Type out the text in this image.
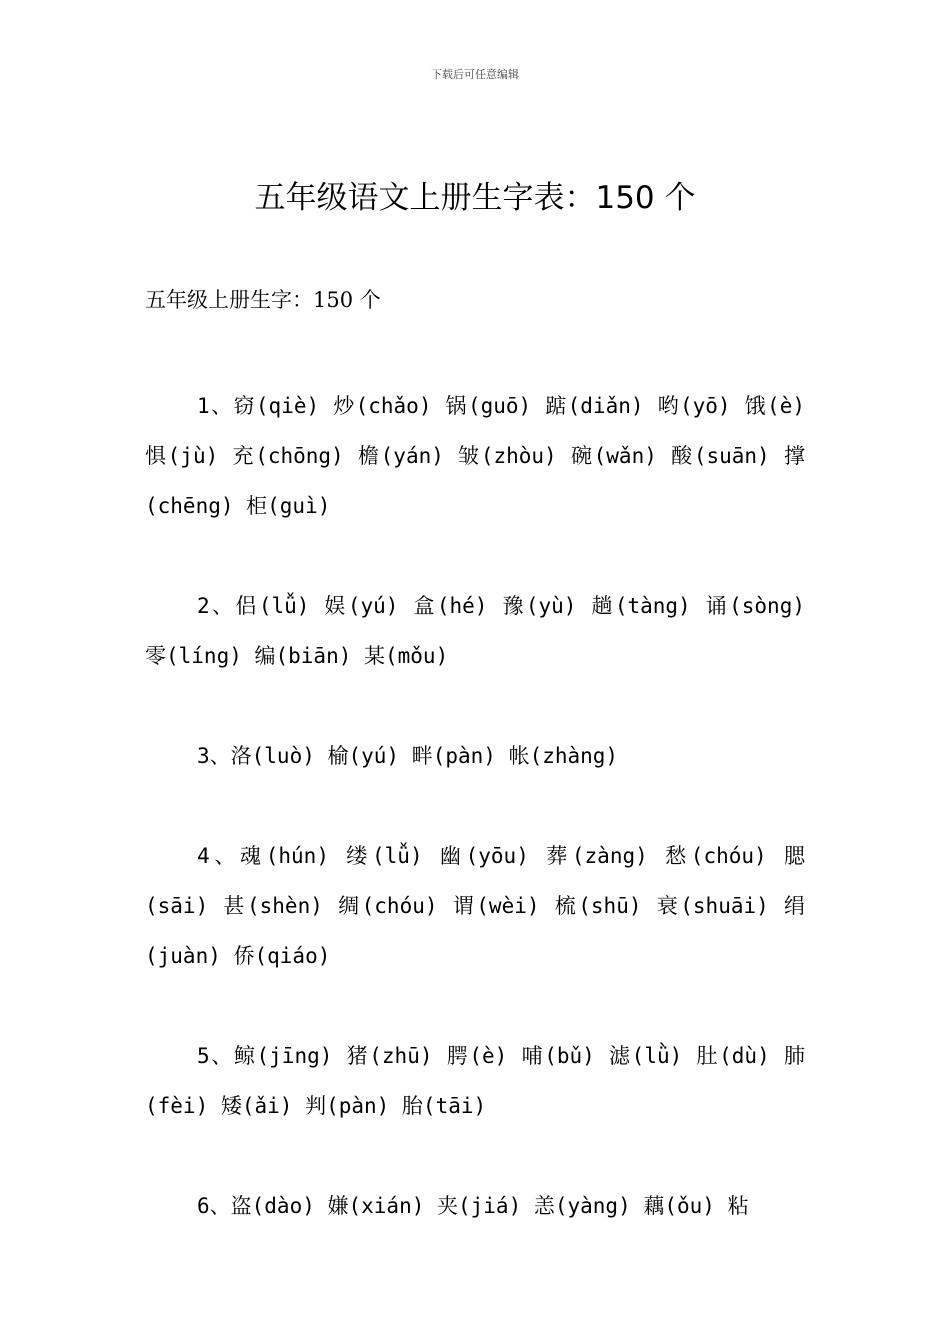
下载后可任意编辑
五年级语文上册生字表：150 个

五年级上册生字：150 个

1、窃(qiè) 炒(chǎo) 锅(guō) 踮(diǎn) 哟(yō) 饿(è) 惧(jù) 充(chōng) 檐(yán) 皱(zhòu) 碗(wǎn) 酸(suān) 撑(chēng) 柜(guì)

2、侣(lǚ) 娱(yú) 盒(hé) 豫(yù) 趟(tàng) 诵(sòng) 零(líng) 编(biān) 某(mǒu)

3、洛(luò) 榆(yú) 畔(pàn) 帐(zhàng)

4、魂(hún) 缕(lǚ) 幽(yōu) 葬(zàng) 愁(chóu) 腮(sāi) 甚(shèn) 绸(chóu) 谓(wèi) 梳(shū) 衰(shuāi) 绢(juàn) 侨(qiáo)

5、鲸(jīng) 猪(zhū) 腭(è) 哺(bǔ) 滤(lǜ) 肚(dù) 肺(fèi) 矮(ǎi) 判(pàn) 胎(tāi)

6、盗(dào) 嫌(xián) 夹(jiá) 恙(yàng) 藕(ǒu) 粘
